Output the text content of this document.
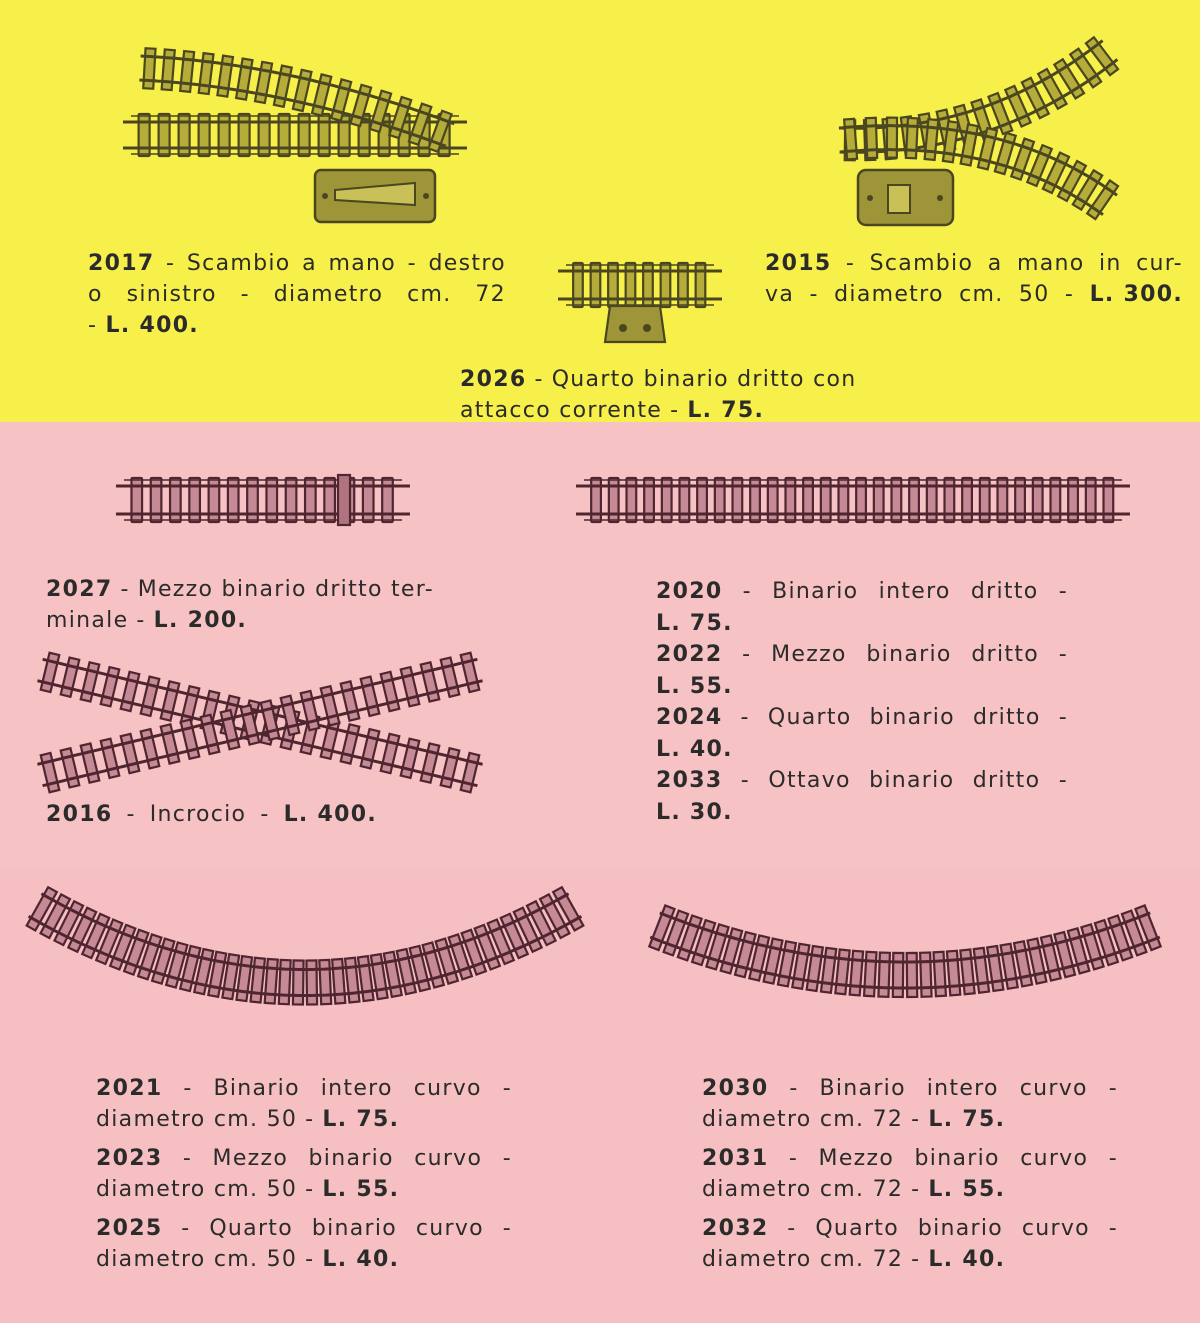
2017 - Scambio a mano - destro
o sinistro - diametro cm. 72
-
L. 400.
2015 - Scambio a mano in cur-
va - diametro cm. 50 - L. 300.
2026 - Quarto binario dritto con
attacco corrente - L. 75.
2027 - Mezzo binario dritto ter-
minale - L. 200.
2016 - Incrocio - L. 400.
2020 - Binario intero dritto -
L. 75.
2022 - Mezzo binario dritto -
L. 55.
2024 - Quarto binario dritto -
L. 40.
2033 - Ottavo binario dritto -
L. 30.
2021 - Binario intero curvo -
diametro cm. 50 - L. 75.
2023 - Mezzo binario curvo -
diametro cm. 50 - L. 55.
2025 - Quarto binario curvo -
diametro cm. 50 - L. 40.
2030 - Binario intero curvo -
diametro cm. 72 - L. 75.
2031 - Mezzo binario curvo -
diametro cm. 72 - L. 55.
2032 - Quarto binario curvo -
diametro cm. 72 - L. 40.
